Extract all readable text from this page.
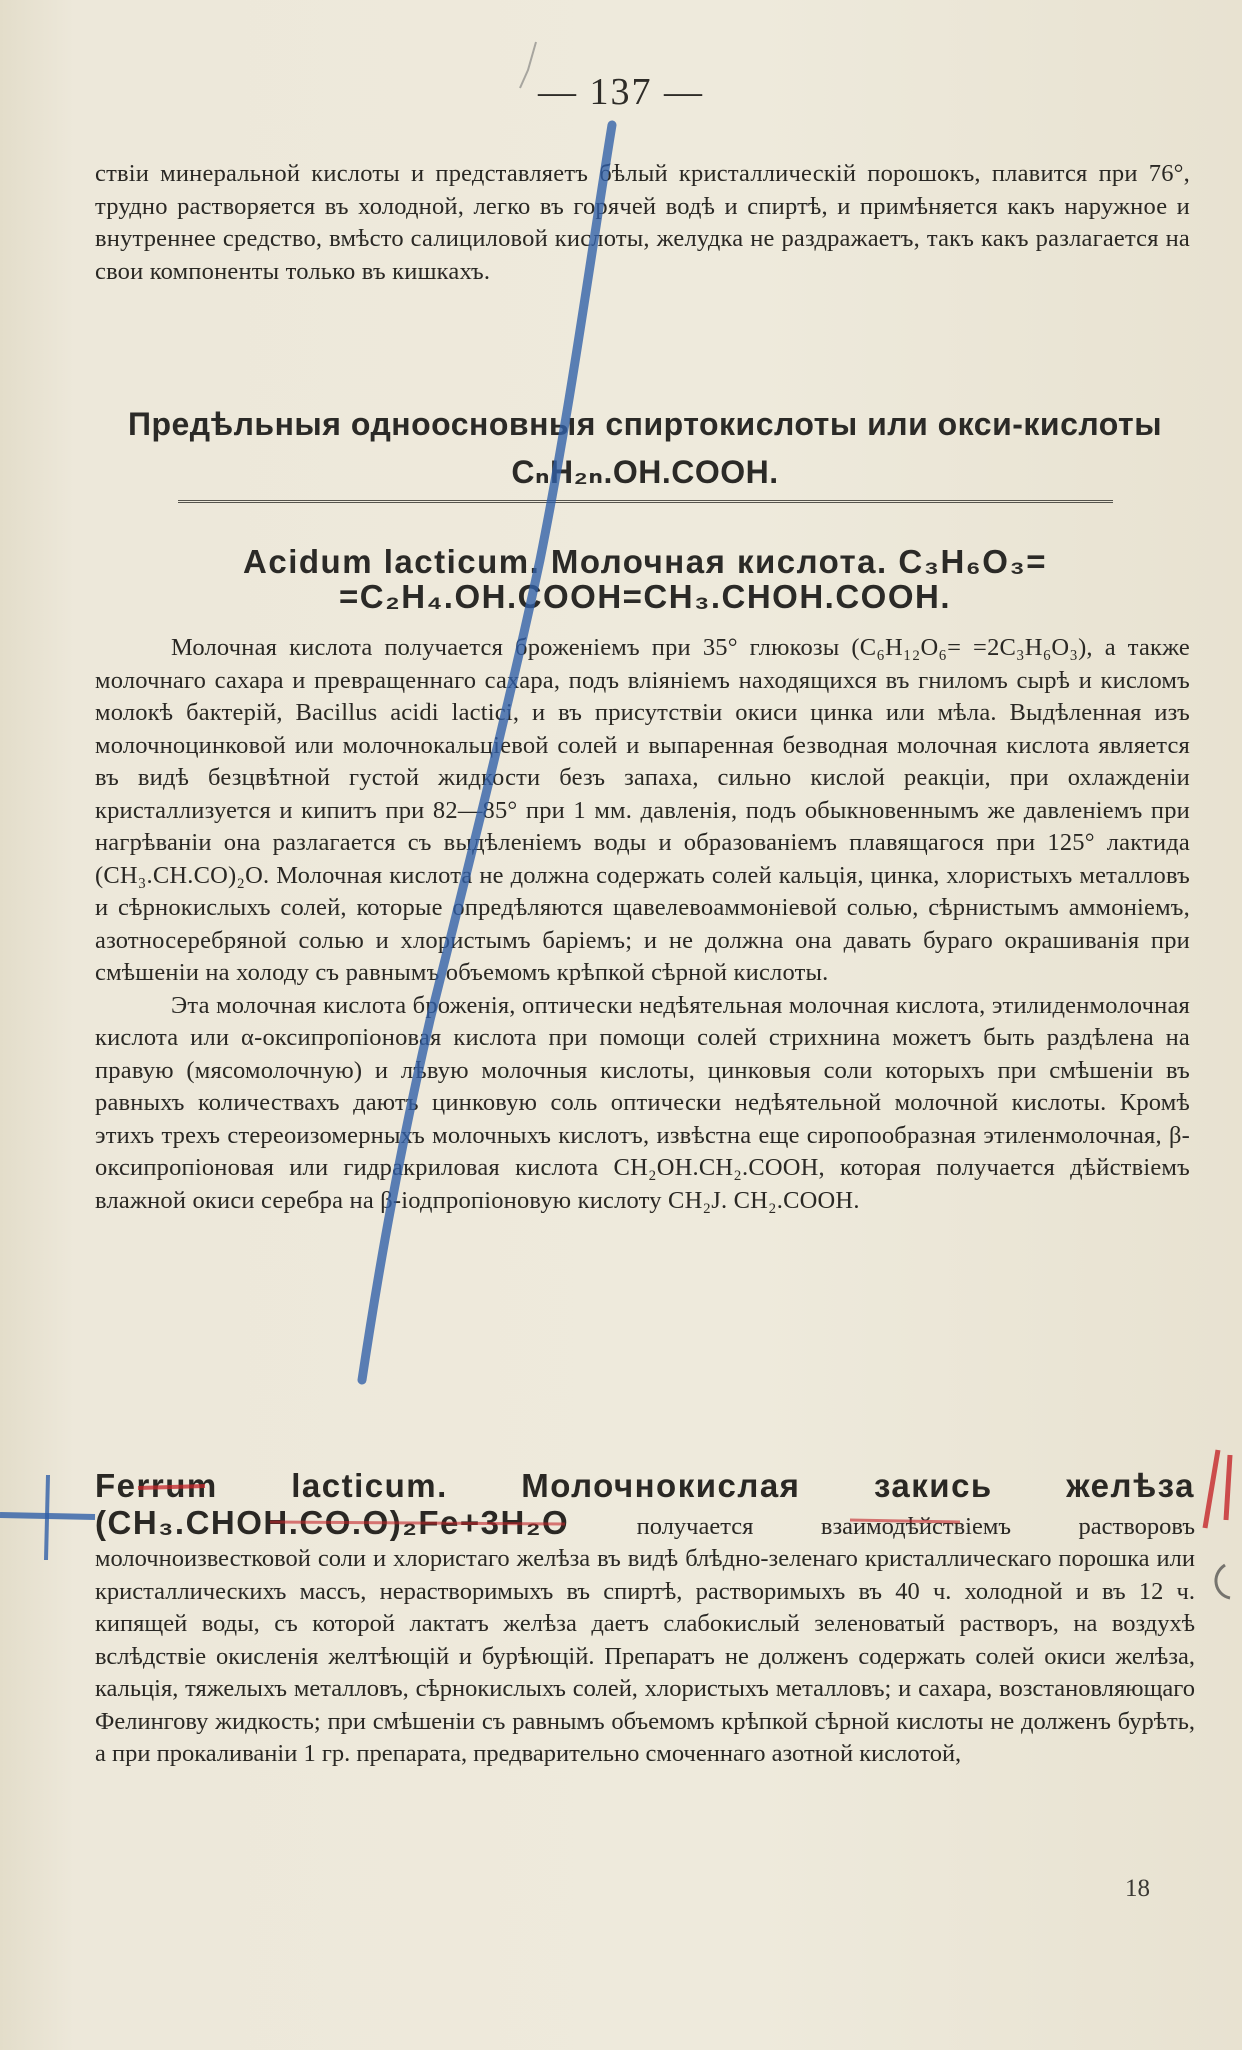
— 137 —

ствіи минеральной кислоты и представляетъ бѣлый кристаллическій порошокъ, плавится при 76°, трудно растворяется въ холодной, легко въ горячей водѣ и спиртѣ, и примѣняется какъ наружное и внутреннее средство, вмѣсто салициловой кислоты, желудка не раздражаетъ, такъ какъ разлагается на свои компоненты только въ кишкахъ.

Предѣльныя одноосновныя спиртокислоты или окси-кислоты CₙH₂ₙ.OH.COOH.
Acidum lacticum. Молочная кислота. C₃H₆O₃=
=C₂H₄.OH.COOH=CH₃.CHOH.COOH.

Молочная кислота получается броженіемъ при 35° глюкозы (C₆H₁₂O₆= =2C₃H₆O₃), а также молочнаго сахара и превращеннаго сахара, подъ вліяніемъ находящихся въ гниломъ сырѣ и кисломъ молокѣ бактерій, Bacillus acidi lactici, и въ присутствіи окиси цинка или мѣла. Выдѣленная изъ молочноцинковой или молочнокальціевой солей и выпаренная безводная молочная кислота является въ видѣ безцвѣтной густой жидкости безъ запаха, сильно кислой реакціи, при охлажденіи кристаллизуется и кипитъ при 82—85° при 1 мм. давленія, подъ обыкновеннымъ же давленіемъ при нагрѣваніи она разлагается съ выдѣленіемъ воды и образованіемъ плавящагося при 125° лактида (CH₃.CH.CO)₂O. Молочная кислота не должна содержать солей кальція, цинка, хлористыхъ металловъ и сѣрнокислыхъ солей, которые опредѣляются щавелевоаммоніевой солью, сѣрнистымъ аммоніемъ, азотносеребряной солью и хлористымъ баріемъ; и не должна она давать бураго окрашиванія при смѣшеніи на холоду съ равнымъ объемомъ крѣпкой сѣрной кислоты.

Эта молочная кислота броженія, оптически недѣятельная молочная кислота, этилиденмолочная кислота или α-оксипропіоновая кислота при помощи солей стрихнина можетъ быть раздѣлена на правую (мясомолочную) и лѣвую молочныя кислоты, цинковыя соли которыхъ при смѣшеніи въ равныхъ количествахъ даютъ цинковую соль оптически недѣятельной молочной кислоты. Кромѣ этихъ трехъ стереоизомерныхъ молочныхъ кислотъ, извѣстна еще сиропообразная этиленмолочная, β-оксипропіоновая или гидракриловая кислота CH₂OH.CH₂.COOH, которая получается дѣйствіемъ влажной окиси серебра на β-іодпропіоновую кислоту CH₂J. CH₂.COOH.

Ferrum lacticum. Молочнокислая закись желѣза (CH₃.CHOH.CO.O)₂Fe+3H₂O	получается взаимодѣйствіемъ растворовъ молочноизвестковой соли и хлористаго желѣза въ видѣ блѣдно-зеленаго кристаллическаго порошка или кристаллическихъ массъ, нерастворимыхъ въ спиртѣ, растворимыхъ въ 40 ч. холодной и въ 12 ч. кипящей воды, съ которой лактатъ желѣза даетъ слабокислый зеленоватый растворъ, на воздухѣ вслѣдствіе окисленія желтѣющій и бурѣющій. Препаратъ не долженъ содержать солей окиси желѣза, кальція, тяжелыхъ металловъ, сѣрнокислыхъ солей, хлористыхъ металловъ; и сахара, возстановляющаго Фелингову жидкость; при смѣшеніи съ равнымъ объемомъ крѣпкой сѣрной кислоты не долженъ бурѣть, а при прокаливаніи 1 гр. препарата, предварительно смоченнаго азотной кислотой,
18
